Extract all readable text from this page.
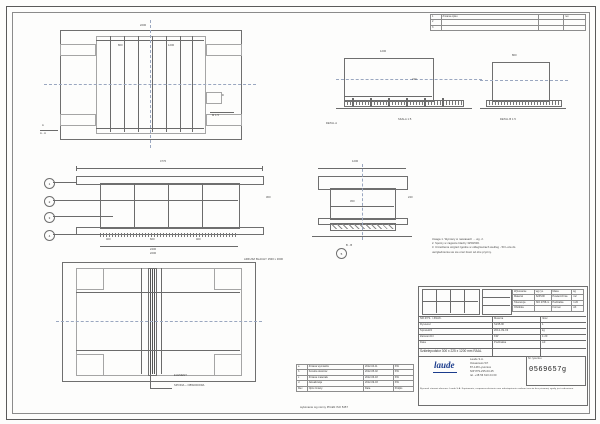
1	Zmiana opisu		rev
2			
3			
A
A - A
D
M 1:5
2200
800	1200
1200
240
DETAL A
SKALA 1:5
800
DETAL B 1:5
4770
1
2
3
4
400	600	400
2400
300
1200
450
240
B - B
5
Uwaga 1. Wymiary w nawiasach ... wg. 2.
2. Spoiny w zagiecie blachy 3250/600.
3. Urzadzenie wzgled zgodne w odleglosciach wedlug - 50 Luza do
uwzglednienia sie sie oraz ilosci od obu pryzmy.
ELEMENT
SPOINA ~ OBWODOWA
ARKUSZ BLACHY 1500 x 3000
2200
Wykonanie	wg rys.	Masa	kg
Material	S235JR	Powierzchnia	m2
Tolerancja	ISO 2768-m	Podzialka	1:20
Obróbka		Format	A3
NR.RYS. / ZNAK.	Materia	Ilosc
Rysowal	S235JR	1
Sprawdzil	2012-09-03	kg
Zatwierdzil	KW	1:20
Data	Podzialka	A3
Szkielepodstor 300 x 225 x 1200 mm RAAL
laude
Laude S.A.
Ostaszewo 57i
87-148 Lysomice
NIP 879-235-03-25
tel. +48 56 610 24 00
Nr rysunku
0569657g
Rysunek stanowi wlasnosc Laude S.A. Kopiowanie, rozpowszechnianie oraz udostepnianie osobom trzecim bez pisemnej zgody jest zabronione.
a	Zmiana wymiarów	2012-04-11	KW
b	Korekta otworów	2012-05-02	KW
c	Zmiana materialu	2012-06-18	KW
d	Aktualizacja	2012-09-03	KW
Rev	Opis zmiany	Data	Podpis
wykonanie wg normy PN-EN ISO 5457
